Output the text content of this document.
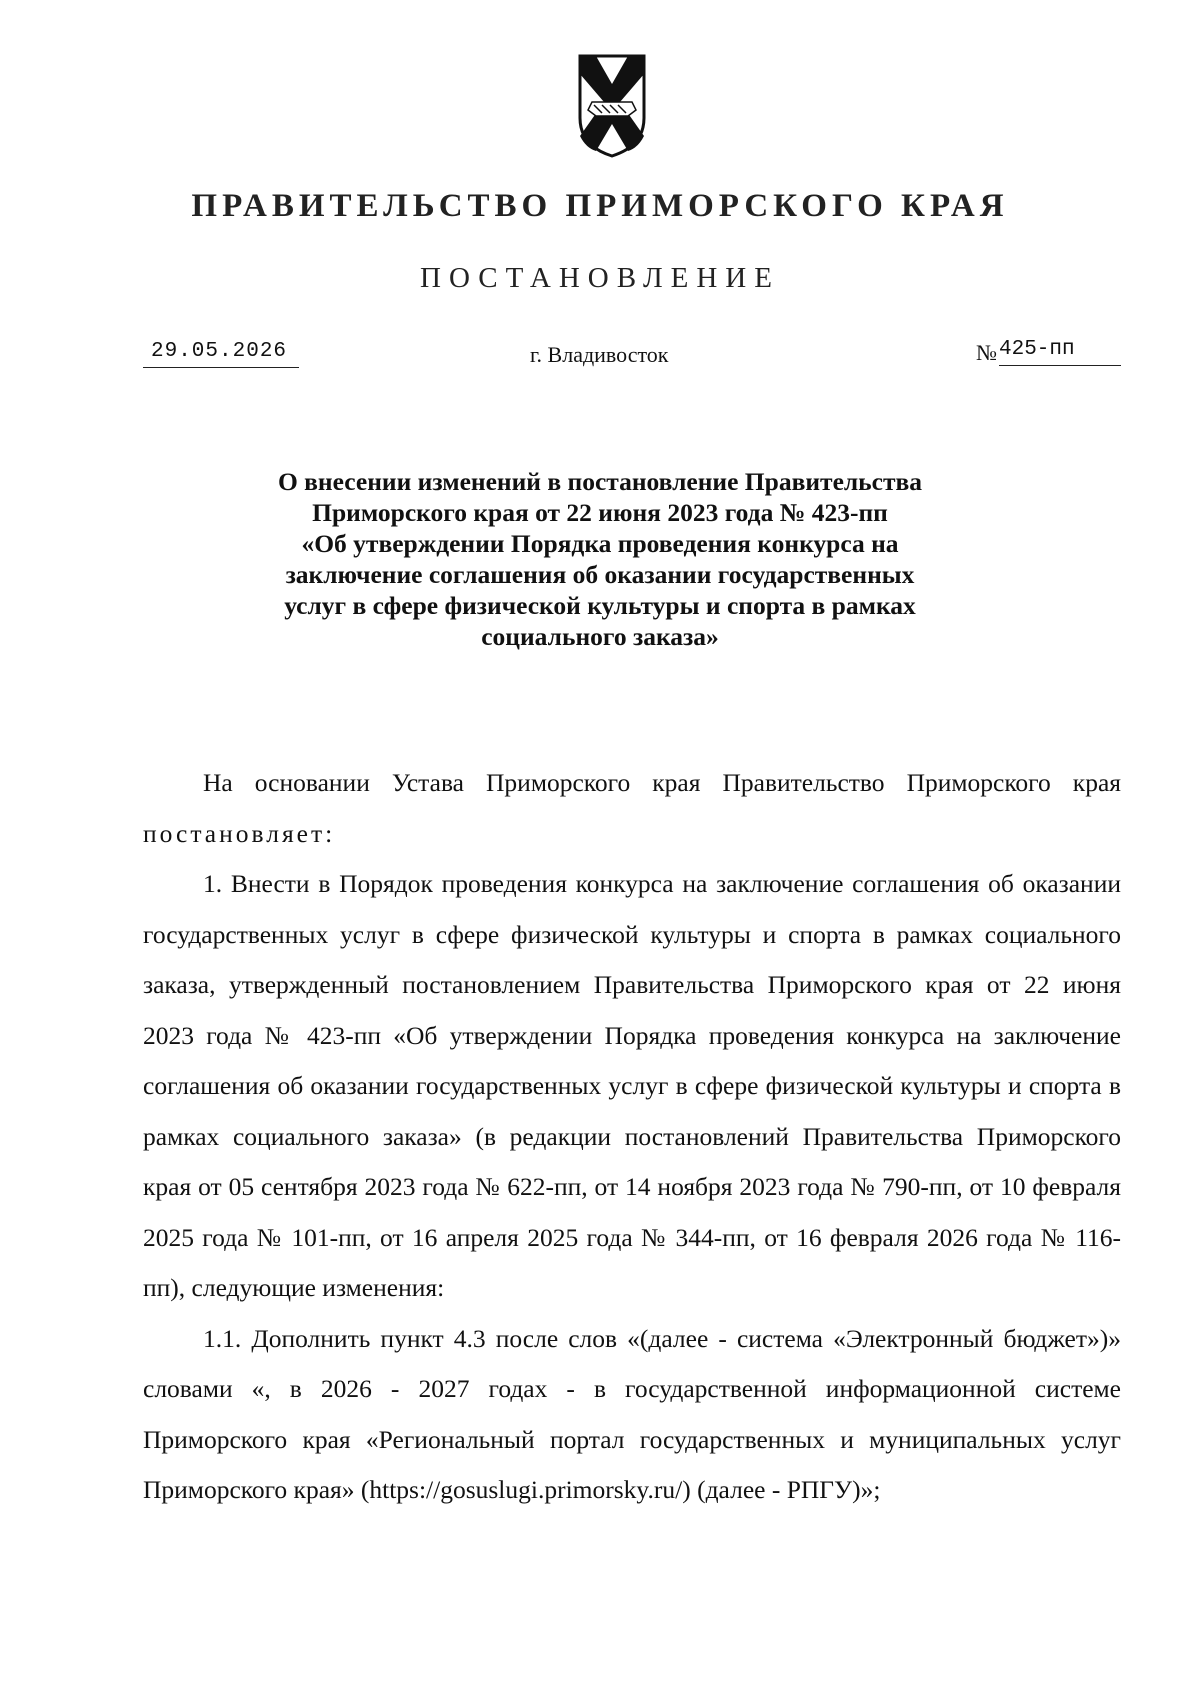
ПРАВИТЕЛЬСТВО ПРИМОРСКОГО КРАЯ
ПОСТАНОВЛЕНИЕ
29.05.2026	г. Владивосток	№ 425-пп
О внесении изменений в постановление Правительства
Приморского края от 22 июня 2023 года № 423-пп
«Об утверждении Порядка проведения конкурса на
заключение соглашения об оказании государственных
услуг в сфере физической культуры и спорта в рамках
социального заказа»

На основании Устава Приморского края Правительство Приморского края постановляет:

1. Внести в Порядок проведения конкурса на заключение соглашения об оказании государственных услуг в сфере физической культуры и спорта в рамках социального заказа, утвержденный постановлением Правительства Приморского края от 22 июня 2023 года № 423-пп «Об утверждении Порядка проведения конкурса на заключение соглашения об оказании государственных услуг в сфере физической культуры и спорта в рамках социального заказа» (в редакции постановлений Правительства Приморского края от 05 сентября 2023 года № 622-пп, от 14 ноября 2023 года № 790-пп, от 10 февраля 2025 года № 101-пп, от 16 апреля 2025 года № 344-пп, от 16 февраля 2026 года № 116-пп), следующие изменения:

1.1. Дополнить пункт 4.3 после слов «(далее - система «Электронный бюджет»)» словами «, в 2026 - 2027 годах - в государственной информационной системе Приморского края «Региональный портал государственных и муниципальных услуг Приморского края» (https://gosuslugi.primorsky.ru/) (далее - РПГУ)»;
